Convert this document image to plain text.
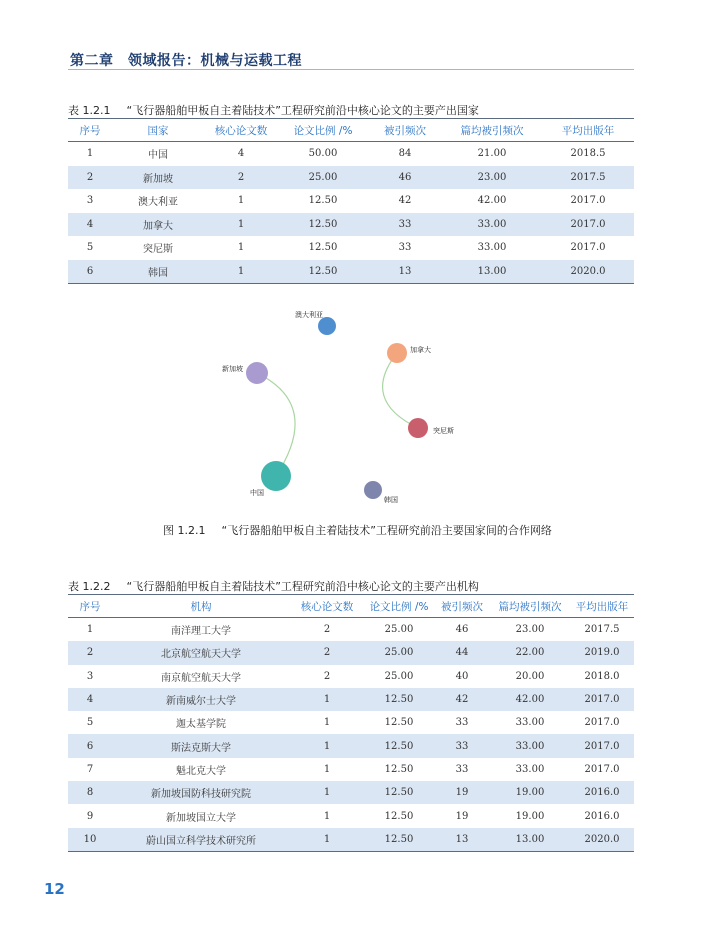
第二章　领域报告：机械与运载工程
表 1.2.1 “飞行器船舶甲板自主着陆技术”工程研究前沿中核心论文的主要产出国家
序号	国家	核心论文数	论文比例 /%	被引频次	篇均被引频次	平均出版年
1	中国	4	50.00	84	21.00	2018.5
2	新加坡	2	25.00	46	23.00	2017.5
3	澳大利亚	1	12.50	42	42.00	2017.0
4	加拿大	1	12.50	33	33.00	2017.0
5	突尼斯	1	12.50	33	33.00	2017.0
6	韩国	1	12.50	13	13.00	2020.0
澳大利亚
加拿大
新加坡
突尼斯
中国
韩国
图 1.2.1 “飞行器船舶甲板自主着陆技术”工程研究前沿主要国家间的合作网络
表 1.2.2 “飞行器船舶甲板自主着陆技术”工程研究前沿中核心论文的主要产出机构
序号	机构	核心论文数	论文比例 /%	被引频次	篇均被引频次	平均出版年
1	南洋理工大学	2	25.00	46	23.00	2017.5
2	北京航空航天大学	2	25.00	44	22.00	2019.0
3	南京航空航天大学	2	25.00	40	20.00	2018.0
4	新南威尔士大学	1	12.50	42	42.00	2017.0
5	迦太基学院	1	12.50	33	33.00	2017.0
6	斯法克斯大学	1	12.50	33	33.00	2017.0
7	魁北克大学	1	12.50	33	33.00	2017.0
8	新加坡国防科技研究院	1	12.50	19	19.00	2016.0
9	新加坡国立大学	1	12.50	19	19.00	2016.0
10	蔚山国立科学技术研究所	1	12.50	13	13.00	2020.0
12
